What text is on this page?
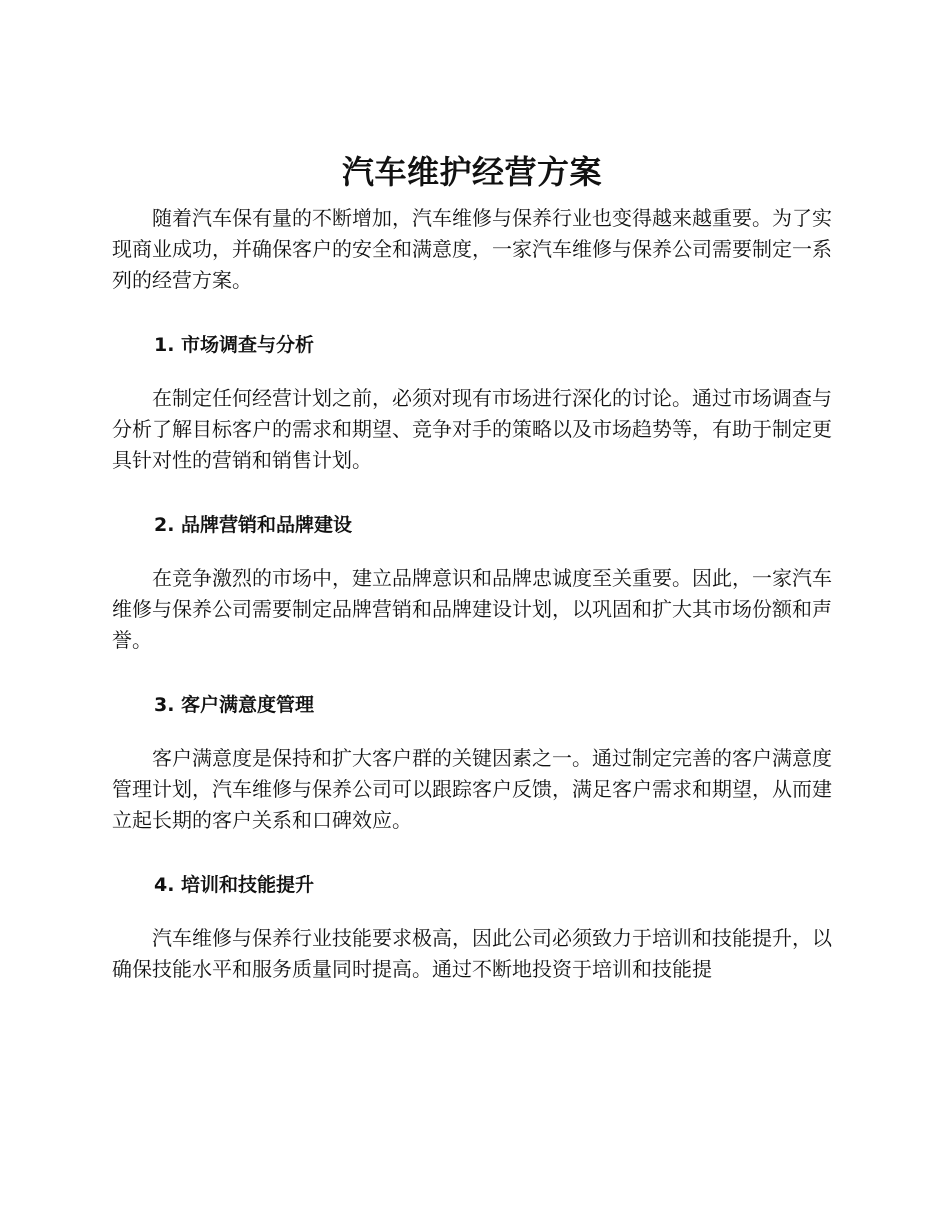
汽车维护经营方案

随着汽车保有量的不断增加，汽车维修与保养行业也变得越来越重要。为了实现商业成功，并确保客户的安全和满意度，一家汽车维修与保养公司需要制定一系列的经营方案。

1. 市场调查与分析

在制定任何经营计划之前，必须对现有市场进行深化的讨论。通过市场调查与分析了解目标客户的需求和期望、竞争对手的策略以及市场趋势等，有助于制定更具针对性的营销和销售计划。

2. 品牌营销和品牌建设

在竞争激烈的市场中，建立品牌意识和品牌忠诚度至关重要。因此，一家汽车维修与保养公司需要制定品牌营销和品牌建设计划，以巩固和扩大其市场份额和声誉。

3. 客户满意度管理

客户满意度是保持和扩大客户群的关键因素之一。通过制定完善的客户满意度管理计划，汽车维修与保养公司可以跟踪客户反馈，满足客户需求和期望，从而建立起长期的客户关系和口碑效应。

4. 培训和技能提升

汽车维修与保养行业技能要求极高，因此公司必须致力于培训和技能提升，以确保技能水平和服务质量同时提高。通过不断地投资于培训和技能提
